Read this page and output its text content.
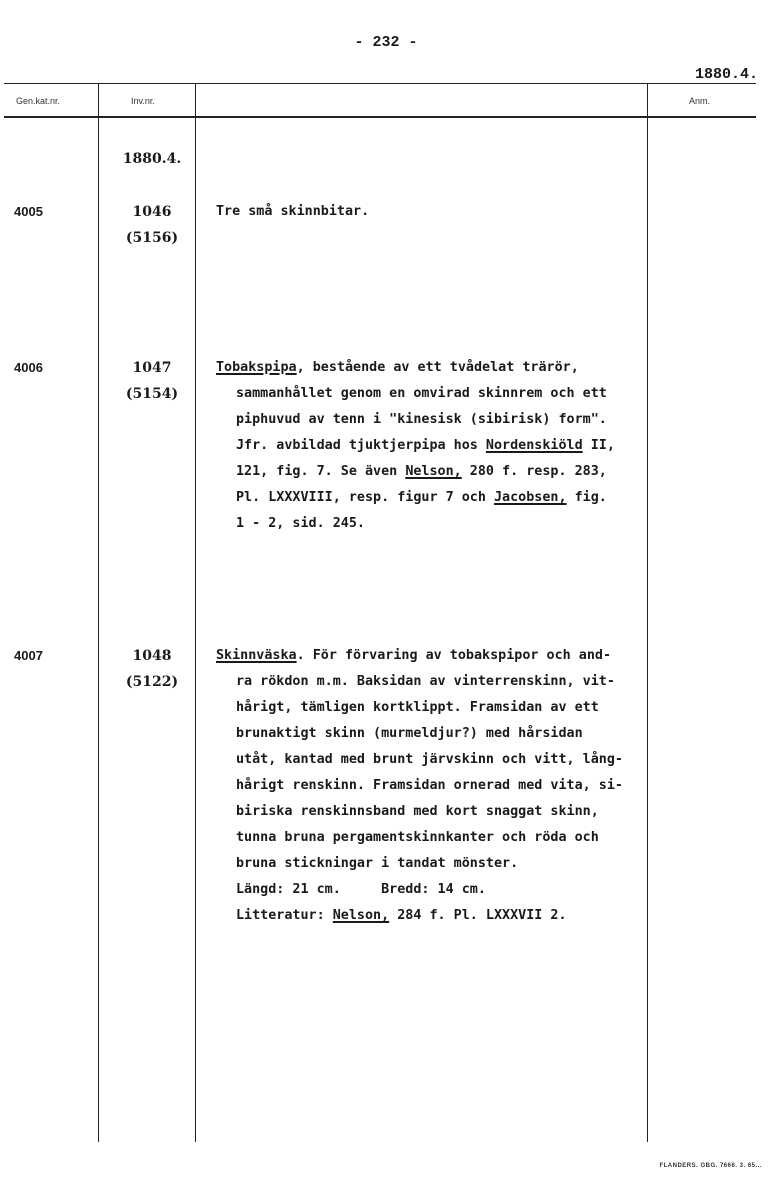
- 232 -
1880.4.
Gen.kat.nr.	Inv.nr.	Anm.
1880.4.
4005	1046
(5156)
Tre små skinnbitar.
4006	1047
(5154)
Tobakspipa, bestående av ett tvådelat trärör,
sammanhållet genom en omvirad skinnrem och ett
piphuvud av tenn i "kinesisk (sibirisk) form".
Jfr. avbildad tjuktjerpipa hos Nordenskiöld II,
121, fig. 7. Se även Nelson, 280 f. resp. 283,
Pl. LXXXVIII, resp. figur 7 och Jacobsen, fig.
1 - 2, sid. 245.
4007	1048
(5122)
Skinnväska. För förvaring av tobakspipor och and-
ra rökdon m.m. Baksidan av vinterrenskinn, vit-
hårigt, tämligen kortklippt. Framsidan av ett
brunaktigt skinn (murmeldjur?) med hårsidan
utåt, kantad med brunt järvskinn och vitt, lång-
hårigt renskinn. Framsidan ornerad med vita, si-
biriska renskinnsband med kort snaggat skinn,
tunna bruna pergamentskinnkanter och röda och
bruna stickningar i tandat mönster.
Längd: 21 cm.     Bredd: 14 cm.
Litteratur: Nelson, 284 f. Pl. LXXXVII 2.
FLANDERS. GBG. 7666. 3. 65...
